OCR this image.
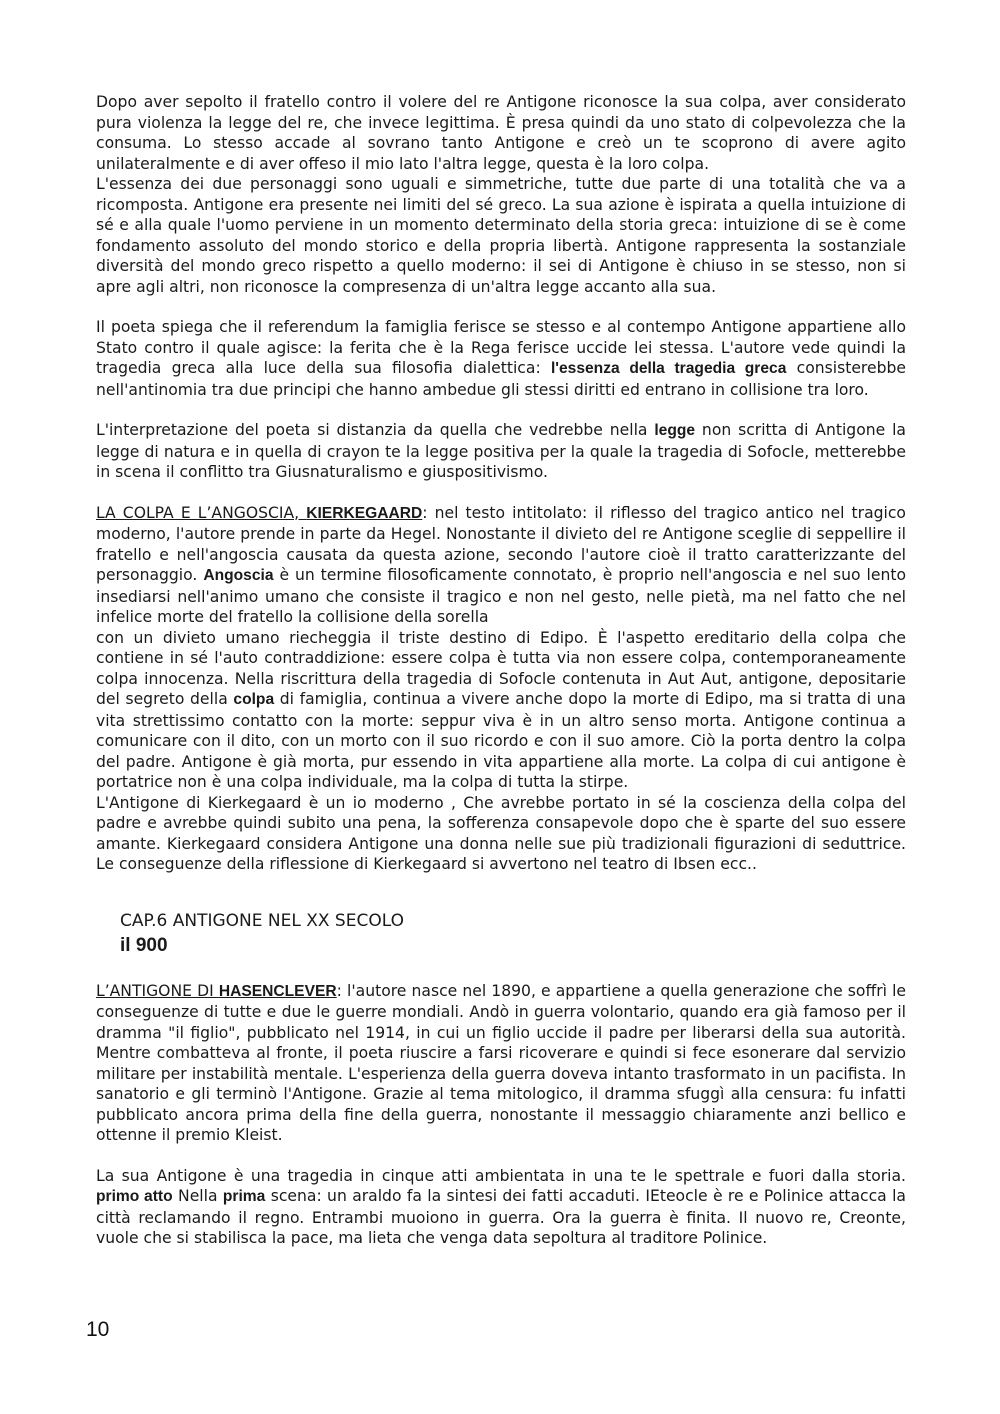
Dopo aver sepolto il fratello contro il volere del re Antigone riconosce la sua colpa, aver considerato pura violenza la legge del re, che invece legittima. È presa quindi da uno stato di colpevolezza che la consuma. Lo stesso accade al sovrano tanto Antigone e creò un te scoprono di avere agito unilateralmente e di aver offeso il mio lato l'altra legge, questa è la loro colpa.
L'essenza dei due personaggi sono uguali e simmetriche, tutte due parte di una totalità che va a ricomposta. Antigone era presente nei limiti del sé greco. La sua azione è ispirata a quella intuizione di sé e alla quale l'uomo perviene in un momento determinato della storia greca: intuizione di se è come fondamento assoluto del mondo storico e della propria libertà. Antigone rappresenta la sostanziale diversità del mondo greco rispetto a quello moderno: il sei di Antigone è chiuso in se stesso, non si apre agli altri, non riconosce la compresenza di un'altra legge accanto alla sua.

Il poeta spiega che il referendum la famiglia ferisce se stesso e al contempo Antigone appartiene allo Stato contro il quale agisce: la ferita che è la Rega ferisce uccide lei stessa. L'autore vede quindi la tragedia greca alla luce della sua filosofia dialettica: l'essenza della tragedia greca consisterebbe nell'antinomia tra due principi che hanno ambedue gli stessi diritti ed entrano in collisione tra loro.

L'interpretazione del poeta si distanzia da quella che vedrebbe nella legge non scritta di Antigone la legge di natura e in quella di crayon te la legge positiva per la quale la tragedia di Sofocle, metterebbe in scena il conflitto tra Giusnaturalismo e giuspositivismo.

LA COLPA E L’ANGOSCIA, KIERKEGAARD: nel testo intitolato: il riflesso del tragico antico nel tragico moderno, l'autore prende in parte da Hegel. Nonostante il divieto del re Antigone sceglie di seppellire il fratello e nell'angoscia causata da questa azione, secondo l'autore cioè il tratto caratterizzante del personaggio. Angoscia è un termine filosoficamente connotato, è proprio nell'angoscia e nel suo lento insediarsi nell'animo umano che consiste il tragico e non nel gesto, nelle pietà, ma nel fatto che nel infelice morte del fratello la collisione della sorella
con un divieto umano riecheggia il triste destino di Edipo. È l'aspetto ereditario della colpa che contiene in sé l'auto contraddizione: essere colpa è tutta via non essere colpa, contemporaneamente colpa innocenza. Nella riscrittura della tragedia di Sofocle contenuta in Aut Aut, antigone, depositarie del segreto della colpa di famiglia, continua a vivere anche dopo la morte di Edipo, ma si tratta di una vita strettissimo contatto con la morte: seppur viva è in un altro senso morta. Antigone continua a comunicare con il dito, con un morto con il suo ricordo e con il suo amore. Ciò la porta dentro la colpa del padre. Antigone è già morta, pur essendo in vita appartiene alla morte. La colpa di cui antigone è portatrice non è una colpa individuale, ma la colpa di tutta la stirpe.
L'Antigone di Kierkegaard è un io moderno , Che avrebbe portato in sé la coscienza della colpa del padre e avrebbe quindi subito una pena, la sofferenza consapevole dopo che è sparte del suo essere amante. Kierkegaard considera Antigone una donna nelle sue più tradizionali figurazioni di seduttrice. Le conseguenze della riflessione di Kierkegaard si avvertono nel teatro di Ibsen ecc..

CAP.6 ANTIGONE NEL XX SECOLO

il 900

L’ANTIGONE DI HASENCLEVER: l'autore nasce nel 1890, e appartiene a quella generazione che soffrì le conseguenze di tutte e due le guerre mondiali. Andò in guerra volontario, quando era già famoso per il dramma "il figlio", pubblicato nel 1914, in cui un figlio uccide il padre per liberarsi della sua autorità. Mentre combatteva al fronte, il poeta riuscire a farsi ricoverare e quindi si fece esonerare dal servizio militare per instabilità mentale. L'esperienza della guerra doveva intanto trasformato in un pacifista. In sanatorio e gli terminò l'Antigone. Grazie al tema mitologico, il dramma sfuggì alla censura: fu infatti pubblicato ancora prima della fine della guerra, nonostante il messaggio chiaramente anzi bellico e ottenne il premio Kleist.

La sua Antigone è una tragedia in cinque atti ambientata in una te le spettrale e fuori dalla storia. primo atto Nella prima scena: un araldo fa la sintesi dei fatti accaduti. IEteocle è re e Polinice attacca la città reclamando il regno. Entrambi muoiono in guerra. Ora la guerra è finita. Il nuovo re, Creonte, vuole che si stabilisca la pace, ma lieta che venga data sepoltura al traditore Polinice.

10
